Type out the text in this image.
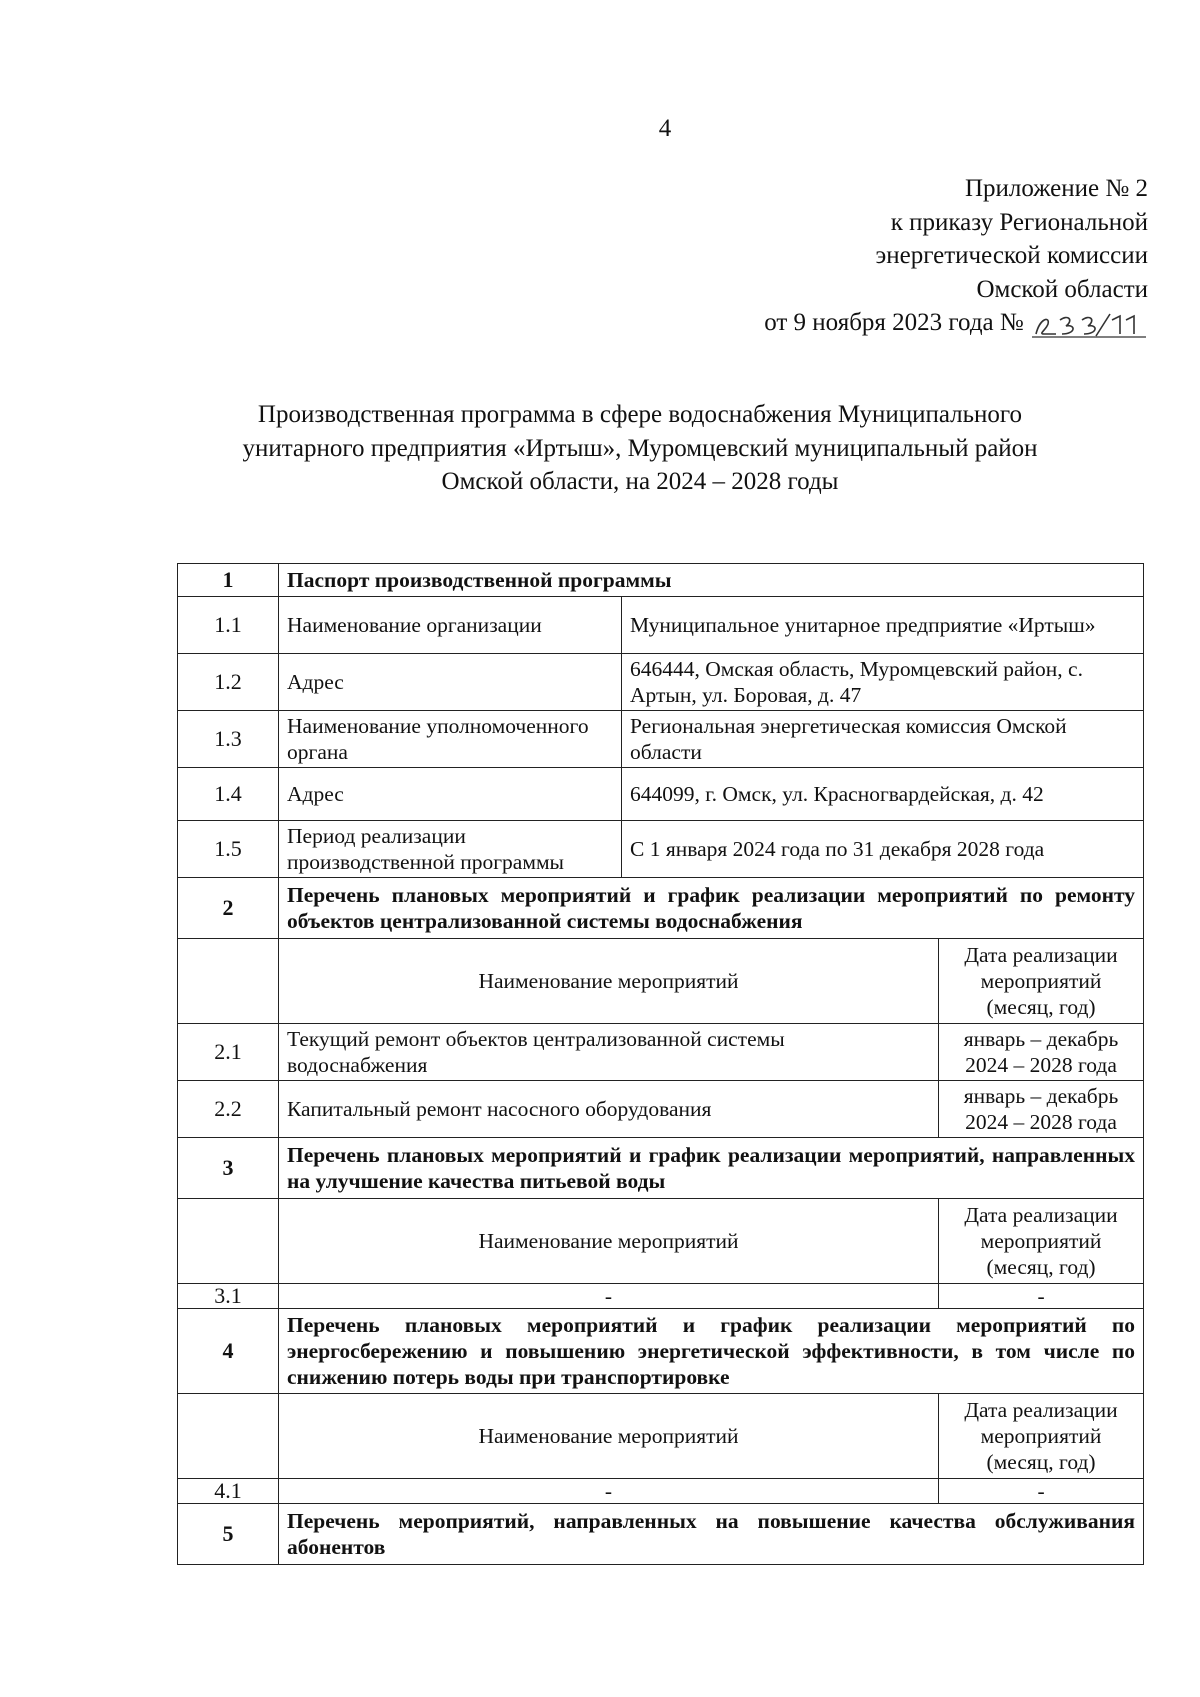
4
Приложение № 2
к приказу Региональной
энергетической комиссии
Омской области
от 9 ноября 2023 года №
Производственная программа в сфере водоснабжения Муниципального
унитарного предприятия «Иртыш», Муромцевский муниципальный район
Омской области, на 2024 – 2028 годы
1	Паспорт производственной программы		
1.1	Наименование организации	Муниципальное унитарное предприятие «Иртыш»	
1.2	Адрес	646444, Омская область, Муромцевский район, с. Артын, ул. Боровая, д. 47	
1.3	Наименование уполномоченного органа	Региональная энергетическая комиссия Омской области	
1.4	Адрес	644099, г. Омск, ул. Красногвардейская, д. 42	
1.5	Период реализации производственной программы	С 1 января 2024 года по 31 декабря 2028 года	
2	Перечень плановых мероприятий и график реализации мероприятий по ремонту объектов централизованной системы водоснабжения		
	Наименование мероприятий		Дата реализации мероприятий (месяц, год)
2.1	Текущий ремонт объектов централизованной системы водоснабжения		январь – декабрь 2024 – 2028 года
2.2	Капитальный ремонт насосного оборудования		январь – декабрь 2024 – 2028 года
3	Перечень плановых мероприятий и график реализации мероприятий, направленных на улучшение качества питьевой воды		
	Наименование мероприятий		Дата реализации мероприятий (месяц, год)
3.1	-		-
4	Перечень плановых мероприятий и график реализации мероприятий по энергосбережению и повышению энергетической эффективности, в том числе по снижению потерь воды при транспортировке		
	Наименование мероприятий		Дата реализации мероприятий (месяц, год)
4.1	-		-
5	Перечень мероприятий, направленных на повышение качества обслуживания абонентов		
